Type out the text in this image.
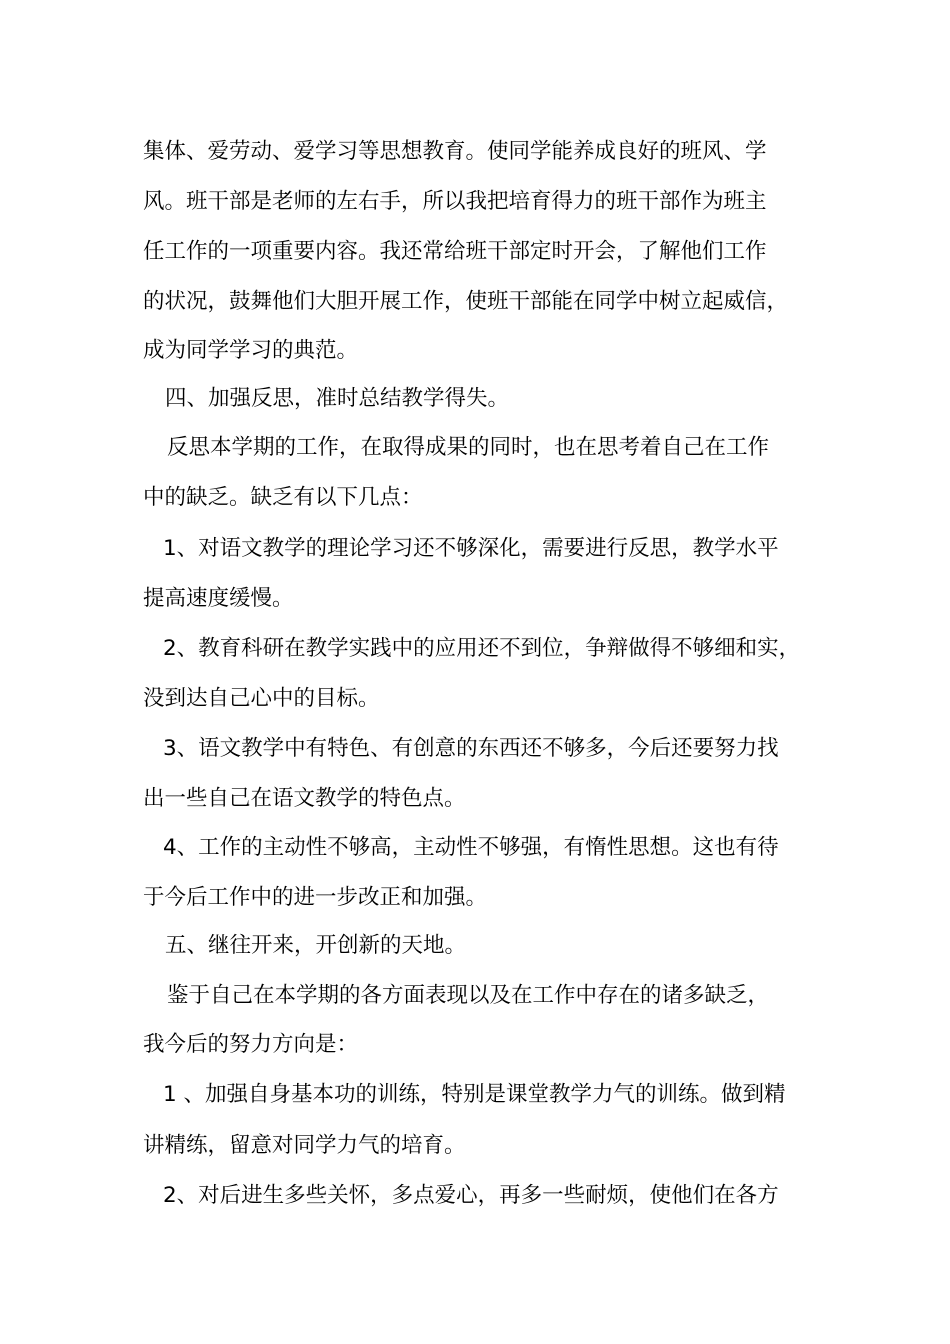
集体、爱劳动、爱学习等思想教育。使同学能养成良好的班风、学

风。班干部是老师的左右手，所以我把培育得力的班干部作为班主

任工作的一项重要内容。我还常给班干部定时开会，了解他们工作

的状况，鼓舞他们大胆开展工作，使班干部能在同学中树立起威信，

成为同学学习的典范。

四、加强反思，准时总结教学得失。

反思本学期的工作，在取得成果的同时，也在思考着自己在工作

中的缺乏。缺乏有以下几点：

1、对语文教学的理论学习还不够深化，需要进行反思，教学水平

提高速度缓慢。

2、教育科研在教学实践中的应用还不到位，争辩做得不够细和实，

没到达自己心中的目标。

3、语文教学中有特色、有创意的东西还不够多，今后还要努力找

出一些自己在语文教学的特色点。

4、工作的主动性不够高，主动性不够强，有惰性思想。这也有待

于今后工作中的进一步改正和加强。

五、继往开来，开创新的天地。

鉴于自己在本学期的各方面表现以及在工作中存在的诸多缺乏，

我今后的努力方向是：

1 、加强自身基本功的训练，特别是课堂教学力气的训练。做到精

讲精练，留意对同学力气的培育。

2、对后进生多些关怀，多点爱心，再多一些耐烦，使他们在各方
